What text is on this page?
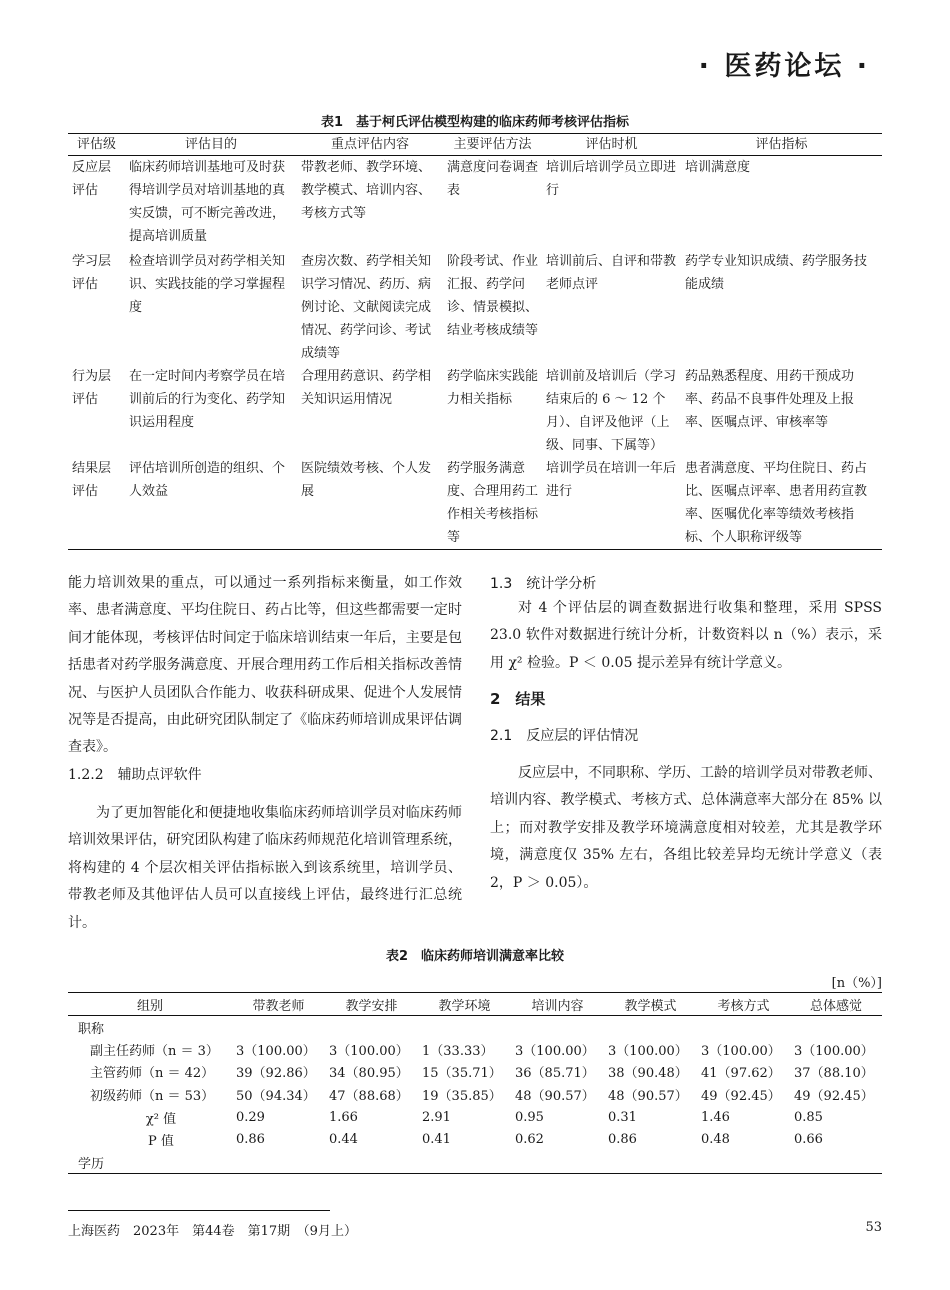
· 医药论坛 ·
表1　基于柯氏评估模型构建的临床药师考核评估指标
评估级	评估目的	重点评估内容	主要评估方法	评估时机	评估指标
反应层评估	临床药师培训基地可及时获得培训学员对培训基地的真实反馈，可不断完善改进，提高培训质量	带教老师、教学环境、教学模式、培训内容、考核方式等	满意度问卷调查表	培训后培训学员立即进行	培训满意度
学习层评估	检查培训学员对药学相关知识、实践技能的学习掌握程度	查房次数、药学相关知识学习情况、药历、病例讨论、文献阅读完成情况、药学问诊、考试成绩等	阶段考试、作业汇报、药学问诊、情景模拟、结业考核成绩等	培训前后、自评和带教老师点评	药学专业知识成绩、药学服务技能成绩
行为层评估	在一定时间内考察学员在培训前后的行为变化、药学知识运用程度	合理用药意识、药学相关知识运用情况	药学临床实践能力相关指标	培训前及培训后（学习结束后的 6 ～ 12 个月）、自评及他评（上级、同事、下属等）	药品熟悉程度、用药干预成功率、药品不良事件处理及上报率、医嘱点评、审核率等
结果层评估	评估培训所创造的组织、个人效益	医院绩效考核、个人发展	药学服务满意度、合理用药工作相关考核指标等	培训学员在培训一年后进行	患者满意度、平均住院日、药占比、医嘱点评率、患者用药宣教率、医嘱优化率等绩效考核指标、个人职称评级等

能力培训效果的重点，可以通过一系列指标来衡量，如工作效率、患者满意度、平均住院日、药占比等，但这些都需要一定时间才能体现，考核评估时间定于临床培训结束一年后，主要是包括患者对药学服务满意度、开展合理用药工作后相关指标改善情况、与医护人员团队合作能力、收获科研成果、促进个人发展情况等是否提高，由此研究团队制定了《临床药师培训成果评估调查表》。

1.2.2　辅助点评软件

为了更加智能化和便捷地收集临床药师培训学员对临床药师培训效果评估，研究团队构建了临床药师规范化培训管理系统，将构建的 4 个层次相关评估指标嵌入到该系统里，培训学员、带教老师及其他评估人员可以直接线上评估，最终进行汇总统计。

1.3　统计学分析

对 4 个评估层的调查数据进行收集和整理，采用 SPSS 23.0 软件对数据进行统计分析，计数资料以 n（%）表示，采用 χ² 检验。P ＜ 0.05 提示差异有统计学意义。

2　结果
2.1　反应层的评估情况

反应层中，不同职称、学历、工龄的培训学员对带教老师、培训内容、教学模式、考核方式、总体满意率大部分在 85% 以上；而对教学安排及教学环境满意度相对较差，尤其是教学环境，满意度仅 35% 左右，各组比较差异均无统计学意义（表 2，P ＞ 0.05）。

表2　临床药师培训满意率比较
[n（%）]
组别	带教老师	教学安排	教学环境	培训内容	教学模式	考核方式	总体感觉
职称							
副主任药师（n ＝ 3）	3（100.00）	3（100.00）	1（33.33）	3（100.00）	3（100.00）	3（100.00）	3（100.00）
主管药师（n ＝ 42）	39（92.86）	34（80.95）	15（35.71）	36（85.71）	38（90.48）	41（97.62）	37（88.10）
初级药师（n ＝ 53）	50（94.34）	47（88.68）	19（35.85）	48（90.57）	48（90.57）	49（92.45）	49（92.45）
χ² 值	0.29	1.66	2.91	0.95	0.31	1.46	0.85
P 值	0.86	0.44	0.41	0.62	0.86	0.48	0.66
学历							
上海医药　2023年　第44卷　第17期　（9月上）	53
